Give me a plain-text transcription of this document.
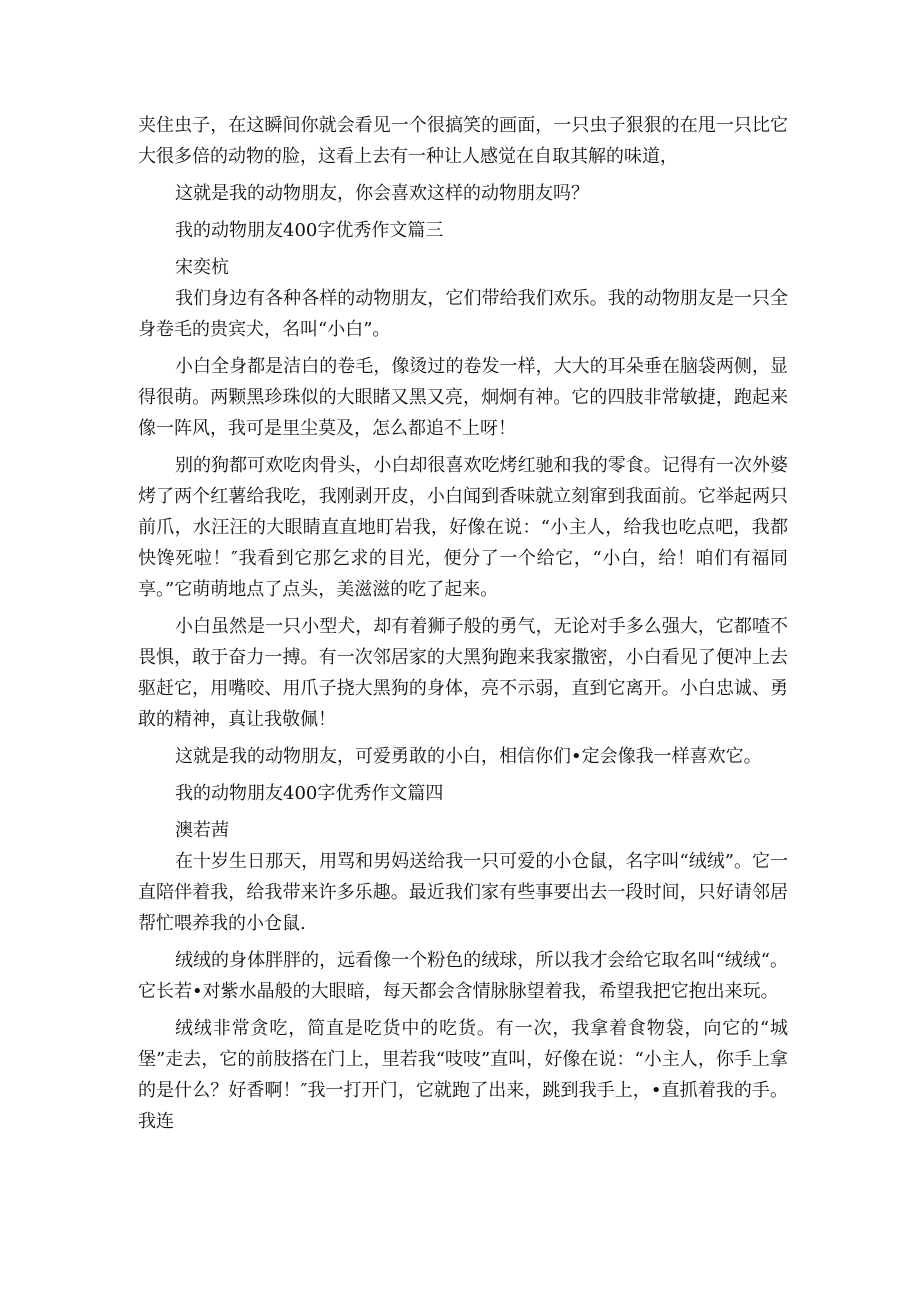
夹住虫子，在这瞬间你就会看见一个很搞笑的画面，一只虫子狠狠的在甩一只比它大很多倍的动物的脸，这看上去有一种让人感觉在自取其解的味道，

这就是我的动物朋友，你会喜欢这样的动物朋友吗？

我的动物朋友400字优秀作文篇三

宋奕杭

我们身边有各种各样的动物朋友，它们带给我们欢乐。我的动物朋友是一只全身卷毛的贵宾犬，名叫“小白”。

小白全身都是洁白的卷毛，像烫过的卷发一样，大大的耳朵垂在脑袋两侧，显得很萌。两颗黑珍珠似的大眼睹又黑又亮，炯炯有神。它的四肢非常敏捷，跑起来像一阵风，我可是里尘莫及，怎么都追不上呀！

别的狗都可欢吃肉骨头，小白却很喜欢吃烤红驰和我的零食。记得有一次外婆烤了两个红薯给我吃，我刚剥开皮，小白闻到香味就立刻窜到我面前。它举起两只前爪，水汪汪的大眼睛直直地盯岩我，好像在说：“小主人，给我也吃点吧，我都快馋死啦！″我看到它那乞求的目光，便分了一个给它，“小白，给！咱们有福同享。”它萌萌地点了点头，美滋滋的吃了起来。

小白虽然是一只小型犬，却有着狮子般的勇气，无论对手多么强大，它都喳不畏惧，敢于奋力一搏。有一次邻居家的大黑狗跑来我家撒密，小白看见了便冲上去驱赶它，用嘴咬、用爪子挠大黑狗的身体，亮不示弱，直到它离开。小白忠诚、勇敢的精神，真让我敬佩！

这就是我的动物朋友，可爱勇敢的小白，相信你们•定会像我一样喜欢它。

我的动物朋友400字优秀作文篇四

澳若茜

在十岁生日那天，用骂和男妈送给我一只可爱的小仓鼠，名字叫“绒绒”。它一直陪伴着我，给我带来许多乐趣。最近我们家有些事要出去一段时间，只好请邻居帮忙喂养我的小仓鼠.

绒绒的身体胖胖的，远看像一个粉色的绒球，所以我才会给它取名叫“绒绒“。它长若•对紫水晶般的大眼暗，每天都会含情脉脉望着我，希望我把它抱出来玩。

绒绒非常贪吃，简直是吃货中的吃货。有一次，我拿着食物袋，向它的“城堡”走去，它的前肢搭在门上，里若我“吱吱”直叫，好像在说：“小主人，你手上拿的是什么？好香啊！″我一打开门，它就跑了出来，跳到我手上，•直抓着我的手。我连
